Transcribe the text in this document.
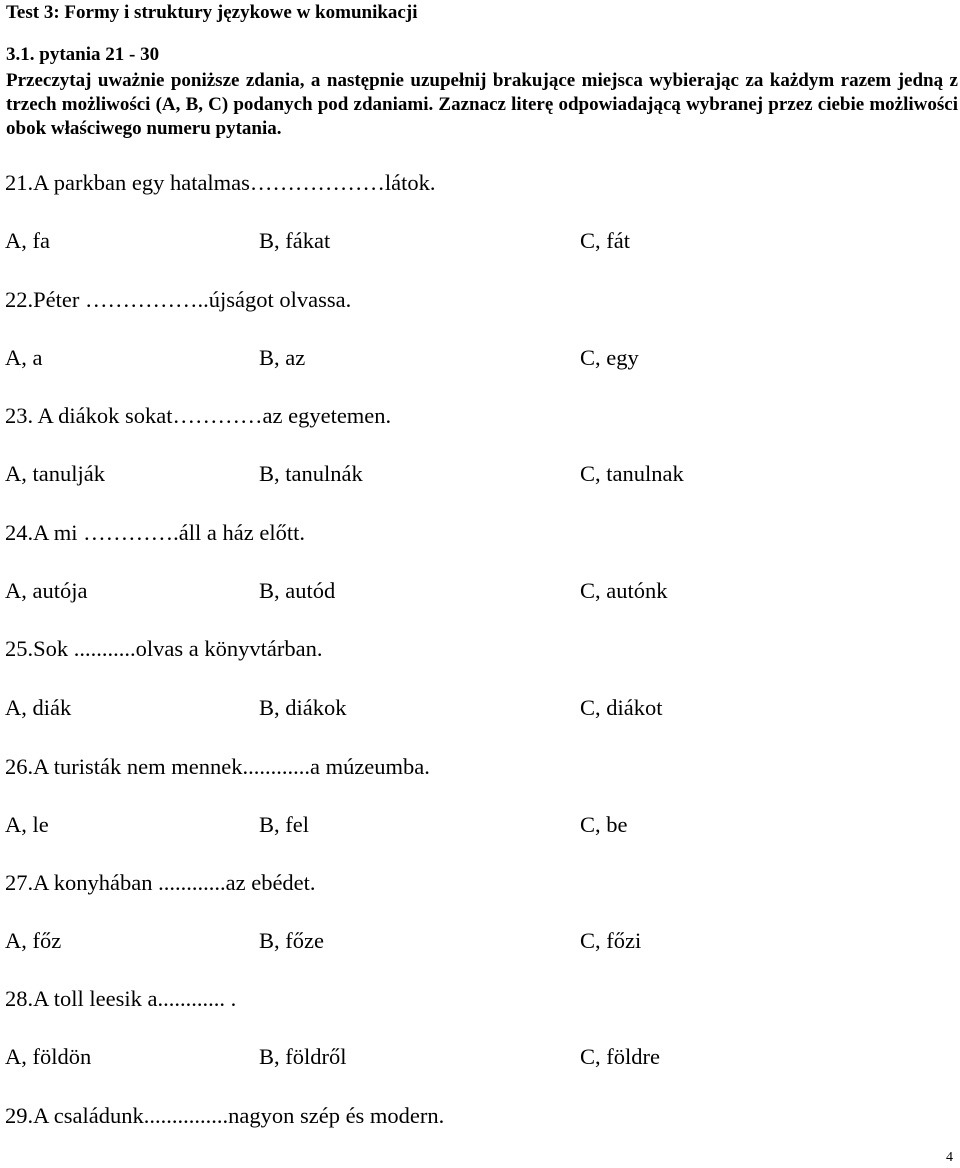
Test 3: Formy i struktury językowe w komunikacji
3.1. pytania 21 - 30
Przeczytaj uważnie poniższe zdania, a następnie uzupełnij brakujące miejsca wybierając za każdym razem jedną z trzech możliwości (A, B, C) podanych pod zdaniami. Zaznacz literę odpowiadającą wybranej przez ciebie możliwości obok właściwego numeru pytania.
21.A parkban egy hatalmas………………látok.
A, fa	B, fákat	C, fát
22.Péter ……………..újságot olvassa.
A, a	B, az	C, egy
23. A diákok sokat…………az egyetemen.
A, tanulják	B, tanulnák	C, tanulnak
24.A mi ………….áll a ház előtt.
A, autója	B, autód	C, autónk
25.Sok ...........olvas a könyvtárban.
A, diák	B, diákok	C, diákot
26.A turisták nem mennek............a múzeumba.
A, le	B, fel	C, be
27.A konyhában ............az ebédet.
A, főz	B, főze	C, főzi
28.A toll leesik a............ .
A, földön	B, földről	C, földre
29.A családunk...............nagyon szép és modern.
4
